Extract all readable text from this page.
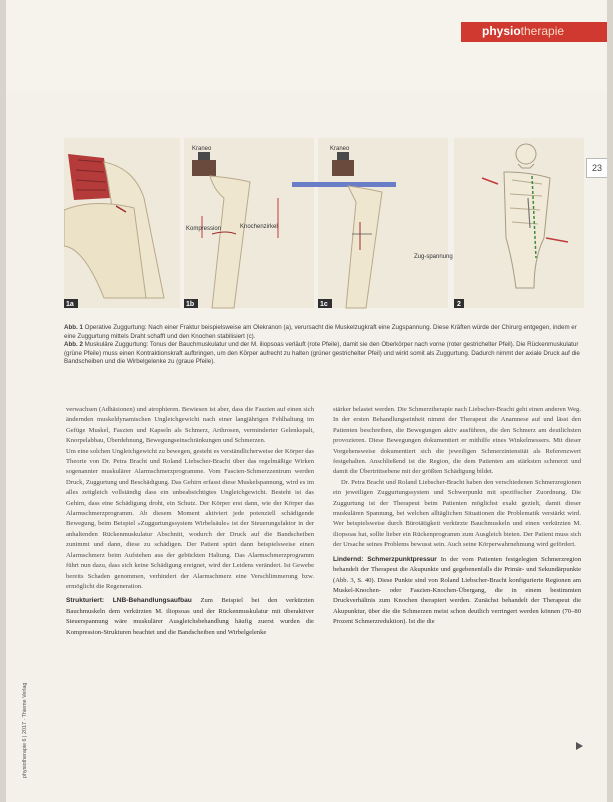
physiotherapie
23
1a
Kraneo
Knochenzirkel
Kompression
1b
Kraneo
Zug-spannung
1c	2

Abb. 1 Operative Zuggurtung: Nach einer Fraktur beispielsweise am Olekranon (a), verursacht die Muskelzugkraft eine Zugspannung. Diese Kräften würde der Chirurg entgegen, indem er eine Zuggurtung mittels Draht schafft und den Knochen stabilisiert (c).

Abb. 2 Muskuläre Zuggurtung: Tonus der Bauchmuskulatur und der M. iliopsoas verläuft (rote Pfeile), damit sie den Oberkörper nach vorne (roter gestrichelter Pfeil). Die Rückenmuskulatur (grüne Pfeile) muss einen Kontraktionskraft aufbringen, um den Körper aufrecht zu halten (grüner gestrichelter Pfeil) und wirkt somit als Zuggurtung. Dadurch nimmt der axiale Druck auf die Bandscheiben und die Wirbelgelenke zu (graue Pfeile).

verwachsen (Adhäsionen) und atrophieren. Bewiesen ist aber, dass die Faszien auf einen sich ändernden muskeldynamischen Ungleichgewicht nach einer langjährigen Fehlhaltung im Gefüge Muskel, Faszien und Kapseln als Schmerz, Arthrosen, verminderter Gelenkspalt, Knorpelabbau, Überdehnung, Bewegungseinschränkungen und Schmerzen.

Um eine solchen Ungleichgewicht zu bewegen, gesteht es verständlicherweise der Körper das Theorie von Dr. Petra Bracht und Roland Liebscher-Bracht über das regelmäßige Wirken sogenannter muskulärer Alarmschmerzprogramme. Vom Fascien-Schmerzzentrum werden Druck, Zuggurtung und Beschädigung. Das Gehirn erfasst diese Muskelspannung, wird es im alles zeitgleich vollständig dass ein unbeabsichtigtes Ungleichgewicht. Besteht ist das Gehirn, dass eine Schädigung droht, ein Schutz. Der Körper erst dann, wie der Körper das Alarmschmerzprogramm. Ab diesem Moment aktiviert jede potenziell schädigende Bewegung, beim Beispiel »Zuggurtungssystem Wirbelsäule« ist der Steuerungsfaktor in der anhaltenden Rückenmuskulatur Abschnitt, wodurch der Druck auf die Bandscheiben zunimmt und dann, diese zu schädigen. Der Patient spürt dann beispielsweise einen Alarmschmerz beim Aufstehen aus der gebückten Haltung. Das Alarmschmerzprogramm führt nun dazu, dass sich keine Schädigung ereignet, wird der Leidens verändert. Ist Gewebe bereits Schaden genommen, verhindert der Alarmschmerz eine Verschlimmerung bzw. ermöglicht die Regeneration.

Strukturiert: LNB-Behandlungsaufbau Zum Beispiel bei den verkürzten Bauchmuskeln dem verkürzten M. iliopsoas und der Rückenmuskulatur mit überaktiver Steuerspannung wäre muskulärer Ausgleichsbehandlung häufig zuerst wurden die Kompression-Strukturen beachtet und die Bandscheiben und Wirbelgelenke

stärker belastet werden. Die Schmerztherapie nach Liebscher-Bracht geht einen anderen Weg. In der ersten Behandlungseinheit nimmt der Therapeut die Anamnese auf und lässt den Patienten beschreiben, die Bewegungen aktiv ausführen, die den Schmerz am deutlichsten provozieren. Diese Bewegungen dokumentiert er mithilfe eines Winkelmessers. Mit dieser Vorgehensweise dokumentiert sich die jeweiligen Schmerzintensität als Referenzwert festgehalten. Anschließend ist die Region, die dem Patienten am stärksten schmerzt und damit die Übertrittsebene mit der größten Schädigung bildet.

Dr. Petra Bracht und Roland Liebscher-Bracht haben den verschiedenen Schmerzregionen ein jeweiligen Zuggurtungssystem und Schwerpunkt mit spezifischer Zuordnung. Die Zuggurtung ist der Therapeut beim Patienten möglichst exakt gezielt, damit dieser muskulären Spannung, bei welchen alltäglichen Situationen die Problematik verstärkt wird. Wer beispielsweise durch Bürotätigkeit verkürzte Bauchmuskeln und einen verkürzten M. iliopsoas hat, sollte lieber ein Rückenprogramm zum Ausgleich bieten. Der Patient muss sich der Ursache seines Problems bewusst sein. Auch seine Körperwahrnehmung wird gefördert.

Lindernd: Schmerzpunktpressur In der vom Patienten festgelegten Schmerzregion behandelt der Therapeut die Akupunkte und gegebenenfalls die Primär- und Sekundärpunkte (Abb. 3, S. 40). Diese Punkte sind von Roland Liebscher-Bracht konfigurierte Regionen am Muskel-Knochen- oder Faszien-Knochen-Übergang, die in einem bestimmten Druckverhältnis zum Knochen therapiert werden. Zunächst behandelt der Therapeut die Akupunktur, über die die Schmerzen meist schon deutlich verringert werden können (70–80 Prozent Schmerzreduktion). Ist die die

physiotherapie 6 | 2017 · Thieme Verlag
